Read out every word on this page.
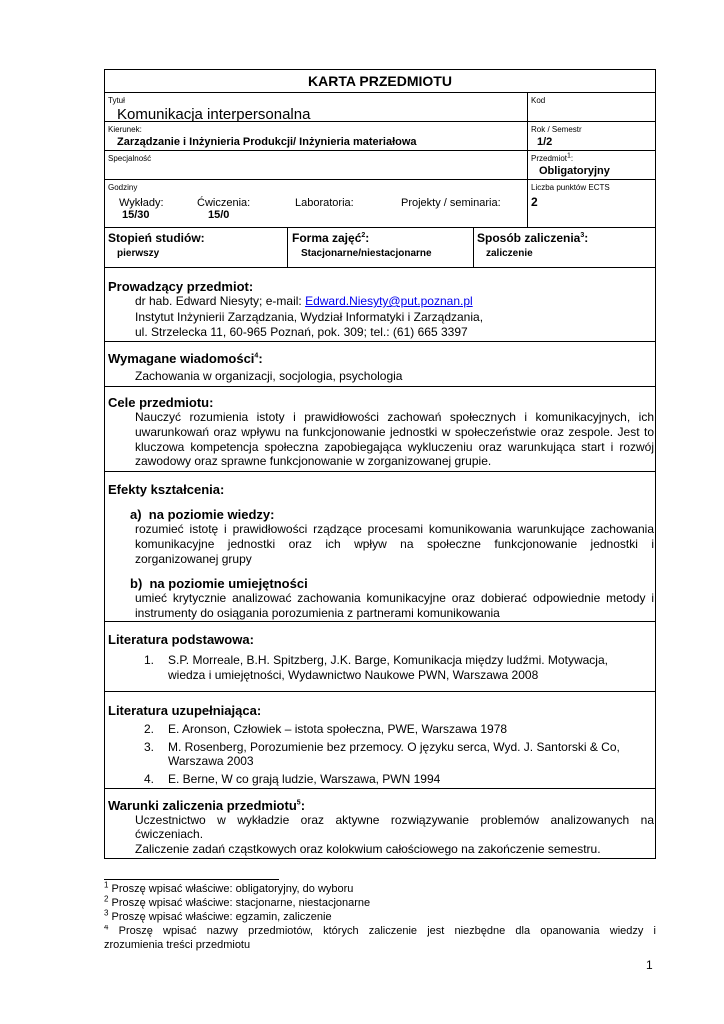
KARTA PRZEDMIOTU
Tytuł
Komunikacja interpersonalna
Kod
Kierunek:
Zarządzanie i Inżynieria Produkcji/ Inżynieria materiałowa
Rok / Semestr
1/2
Specjalność	Przedmiot$^1$:
Obligatoryjny
Godziny
Wykłady:
15/30
Ćwiczenia:
15/0
Laboratoria:	Projekty / seminaria:
Liczba punktów ECTS
2
Stopień studiów:
pierwszy
Forma zajęć$^2$:
Stacjonarne/niestacjonarne
Sposób zaliczenia$^3$:
zaliczenie
Prowadzący przedmiot:
dr hab. Edward Niesyty; e-mail: Edward.Niesyty@put.poznan.pl
Instytut Inżynierii Zarządzania, Wydział Informatyki i Zarządzania,
ul. Strzelecka 11, 60-965 Poznań, pok. 309; tel.: (61) 665 3397
Wymagane wiadomości$^4$:
Zachowania w organizacji, socjologia, psychologia
Cele przedmiotu:
Nauczyć rozumienia istoty i prawidłowości zachowań społecznych i komunikacyjnych, ich
uwarunkowań oraz wpływu na funkcjonowanie jednostki w społeczeństwie oraz zespole. Jest to
kluczowa kompetencja społeczna zapobiegająca wykluczeniu oraz warunkująca start i rozwój
zawodowy oraz sprawne funkcjonowanie w zorganizowanej grupie.
Efekty kształcenia:
a)  na poziomie wiedzy:
rozumieć istotę i prawidłowości rządzące procesami komunikowania warunkujące zachowania
komunikacyjne jednostki oraz ich wpływ na społeczne funkcjonowanie jednostki i
zorganizowanej grupy
b)  na poziomie umiejętności
umieć krytycznie analizować zachowania komunikacyjne oraz dobierać odpowiednie metody i
instrumenty do osiągania porozumienia z partnerami komunikowania
Literatura podstawowa:
1. S.P. Morreale, B.H. Spitzberg, J.K. Barge, Komunikacja między ludźmi. Motywacja,
wiedza i umiejętności, Wydawnictwo Naukowe PWN, Warszawa 2008
Literatura uzupełniająca:
2. E. Aronson, Człowiek – istota społeczna, PWE, Warszawa 1978
3. M. Rosenberg, Porozumienie bez przemocy. O języku serca, Wyd. J. Santorski & Co,
Warszawa 2003
4. E. Berne, W co grają ludzie, Warszawa, PWN 1994
Warunki zaliczenia przedmiotu$^5$:
Uczestnictwo w wykładzie oraz aktywne rozwiązywanie problemów analizowanych na
ćwiczeniach.
Zaliczenie zadań cząstkowych oraz kolokwium całościowego na zakończenie semestru.
$^1$ Proszę wpisać właściwe: obligatoryjny, do wyboru
$^2$ Proszę wpisać właściwe: stacjonarne, niestacjonarne
$^3$ Proszę wpisać właściwe: egzamin, zaliczenie
$^4$ Proszę wpisać nazwy przedmiotów, których zaliczenie jest niezbędne dla opanowania wiedzy i
zrozumienia treści przedmiotu
1
